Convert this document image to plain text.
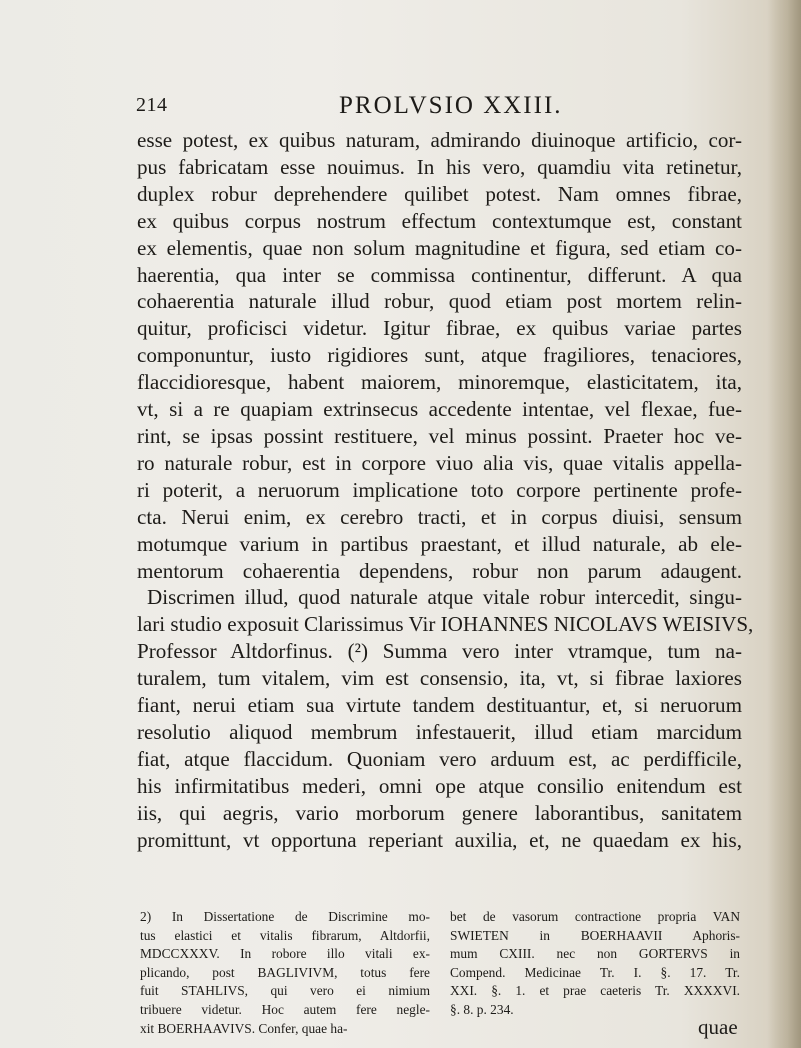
214	PROLVSIO XXIII.
esse potest, ex quibus naturam, admirando diuinoque artificio, cor-
pus fabricatam esse nouimus. In his vero, quamdiu vita retinetur,
duplex robur deprehendere quilibet potest. Nam omnes fibrae,
ex quibus corpus nostrum effectum contextumque est, constant
ex elementis, quae non solum magnitudine et figura, sed etiam co-
haerentia, qua inter se commissa continentur, differunt. A qua
cohaerentia naturale illud robur, quod etiam post mortem relin-
quitur, proficisci videtur. Igitur fibrae, ex quibus variae partes
componuntur, iusto rigidiores sunt, atque fragiliores, tenaciores,
flaccidioresque, habent maiorem, minoremque, elasticitatem, ita,
vt, si a re quapiam extrinsecus accedente intentae, vel flexae, fue-
rint, se ipsas possint restituere, vel minus possint. Praeter hoc ve-
ro naturale robur, est in corpore viuo alia vis, quae vitalis appella-
ri poterit, a neruorum implicatione toto corpore pertinente profe-
cta. Nerui enim, ex cerebro tracti, et in corpus diuisi, sensum
motumque varium in partibus praestant, et illud naturale, ab ele-
mentorum cohaerentia dependens, robur non parum adaugent.
Discrimen illud, quod naturale atque vitale robur intercedit, singu-
lari studio exposuit Clarissimus Vir IOHANNES NICOLAVS WEISIVS,
Professor Altdorfinus. (²) Summa vero inter vtramque, tum na-
turalem, tum vitalem, vim est consensio, ita, vt, si fibrae laxiores
fiant, nerui etiam sua virtute tandem destituantur, et, si neruorum
resolutio aliquod membrum infestauerit, illud etiam marcidum
fiat, atque flaccidum. Quoniam vero arduum est, ac perdifficile,
his infirmitatibus mederi, omni ope atque consilio enitendum est
iis, qui aegris, vario morborum genere laborantibus, sanitatem
promittunt, vt opportuna reperiant auxilia, et, ne quaedam ex his,
quae
2) In Dissertatione de Discrimine mo-
tus elastici et vitalis fibrarum, Altdorfii,
MDCCXXXV. In robore illo vitali ex-
plicando, post BAGLIVIVM, totus fere
fuit STAHLIVS, qui vero ei nimium
tribuere videtur. Hoc autem fere negle-
xit BOERHAAVIVS. Confer, quae ha-
bet de vasorum contractione propria VAN
SWIETEN in BOERHAAVII Aphoris-
mum CXIII. nec non GORTERVS in
Compend. Medicinae Tr. I. §. 17. Tr.
XXI. §. 1. et prae caeteris Tr. XXXXVI.
§. 8. p. 234.
